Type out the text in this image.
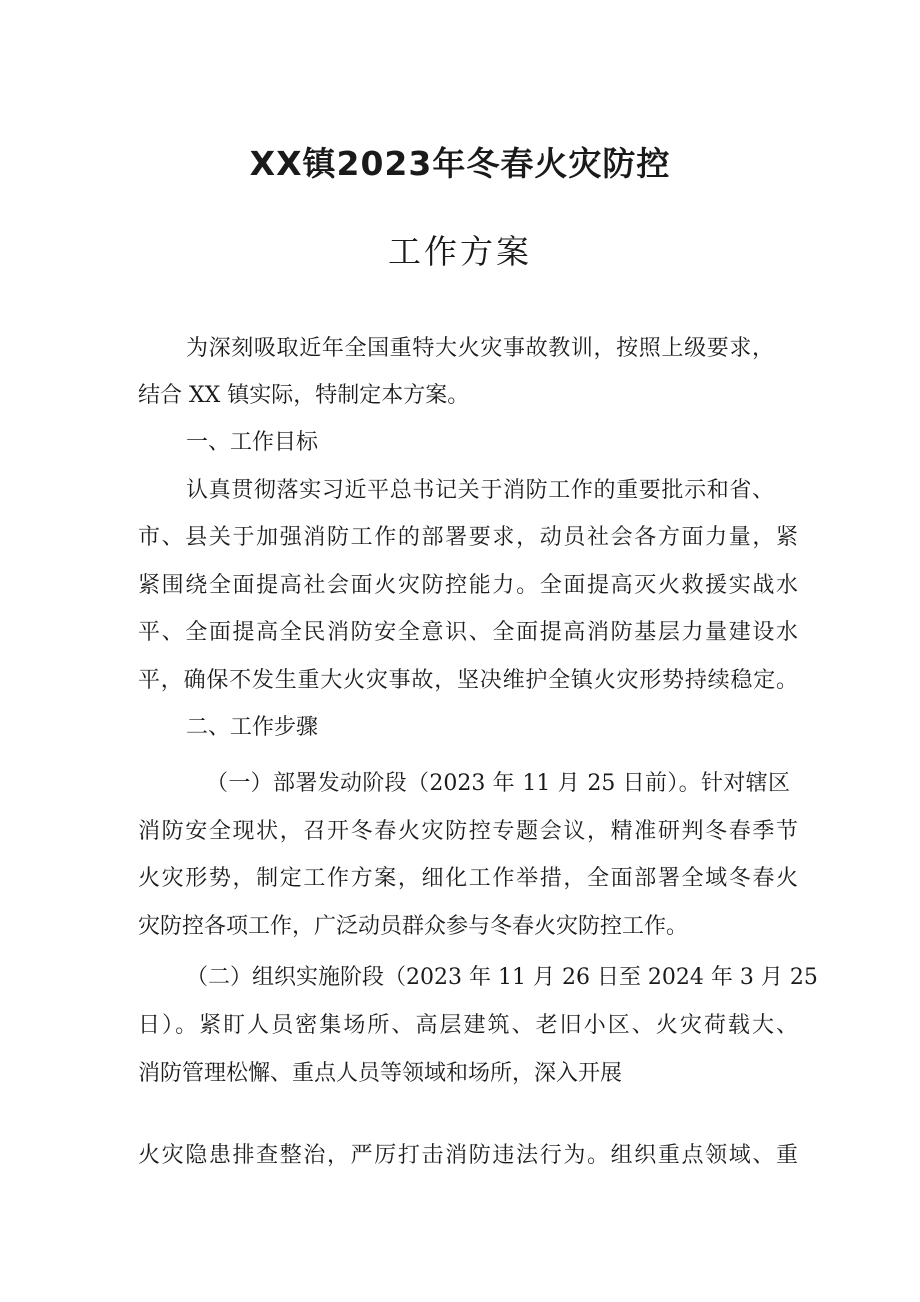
XX镇2023年冬春火灾防控
工作方案

为深刻吸取近年全国重特大火灾事故教训，按照上级要求，

结合 XX 镇实际，特制定本方案。

一、工作目标

认真贯彻落实习近平总书记关于消防工作的重要批示和省、

市、县关于加强消防工作的部署要求，动员社会各方面力量，紧

紧围绕全面提高社会面火灾防控能力。全面提高灭火救援实战水

平、全面提高全民消防安全意识、全面提高消防基层力量建设水

平，确保不发生重大火灾事故，坚决维护全镇火灾形势持续稳定。

二、工作步骤

（一）部署发动阶段（2023 年 11 月 25 日前）。针对辖区

消防安全现状，召开冬春火灾防控专题会议，精准研判冬春季节

火灾形势，制定工作方案，细化工作举措，全面部署全域冬春火

灾防控各项工作，广泛动员群众参与冬春火灾防控工作。

（二）组织实施阶段（2023 年 11 月 26 日至 2024 年 3 月 25

日）。紧盯人员密集场所、高层建筑、老旧小区、火灾荷载大、

消防管理松懈、重点人员等领域和场所，深入开展

火灾隐患排查整治，严厉打击消防违法行为。组织重点领域、重
